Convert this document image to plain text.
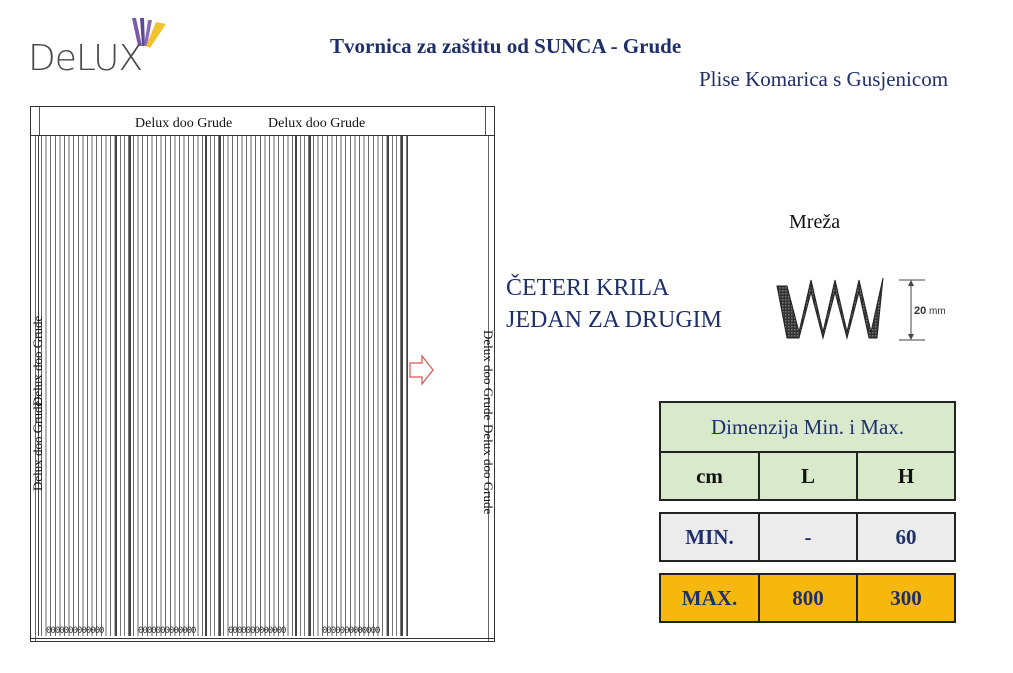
DeLUX	Tvornica za zaštitu od SUNCA - Grude
Plise Komarica s Gusjenicom
Delux doo Grude	Delux doo Grude
0000000000000	0000000000000	0000000000000	0000000000000
Delux doo Grude
Delux doo Grude	Delux doo Grude
Delux doo Grude
ČETERI KRILA
JEDAN ZA DRUGIM
Mreža
20 mm
Dimenzija Min. i Max.
cm	L	H
MIN.	-	60
MAX.	800	300
